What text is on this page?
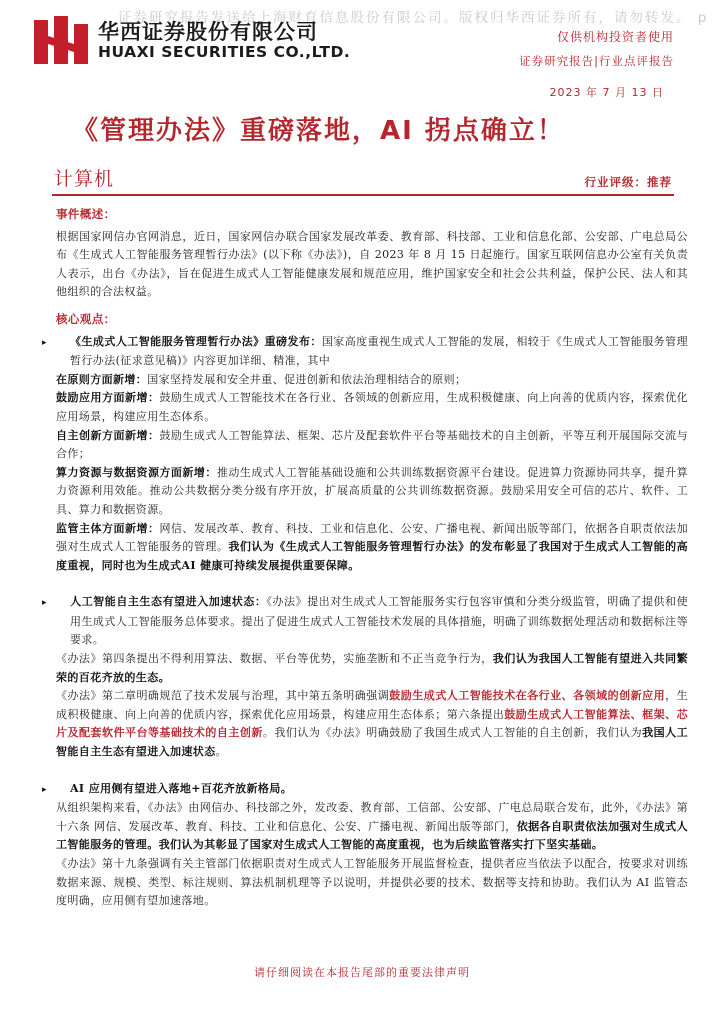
证券研究报告发送给上海财育信息股份有限公司。版权归华西证券所有，请勿转发。 p
华西证券股份有限公司
HUAXI SECURITIES CO.,LTD.
仅供机构投资者使用
证券研究报告|行业点评报告
2023 年 7 月 13 日
《管理办法》重磅落地，AI 拐点确立！
计算机	行业评级：推荐
事件概述：

根据国家网信办官网消息，近日，国家网信办联合国家发展改革委、教育部、科技部、工业和信息化部、公安部、广电总局公布《生成式人工智能服务管理暂行办法》(以下称《办法》)，自 2023 年 8 月 15 日起施行。国家互联网信息办公室有关负责人表示，出台《办法》，旨在促进生成式人工智能健康发展和规范应用，维护国家安全和社会公共利益，保护公民、法人和其他组织的合法权益。

核心观点：

▸ 《生成式人工智能服务管理暂行办法》重磅发布：国家高度重视生成式人工智能的发展，相较于《生成式人工智能服务管理暂行办法(征求意见稿)》内容更加详细、精准，其中

在原则方面新增：国家坚持发展和安全并重、促进创新和依法治理相结合的原则；

鼓励应用方面新增：鼓励生成式人工智能技术在各行业、各领域的创新应用，生成积极健康、向上向善的优质内容，探索优化应用场景，构建应用生态体系。

自主创新方面新增：鼓励生成式人工智能算法、框架、芯片及配套软件平台等基础技术的自主创新，平等互利开展国际交流与合作；

算力资源与数据资源方面新增：推动生成式人工智能基础设施和公共训练数据资源平台建设。促进算力资源协同共享，提升算力资源利用效能。推动公共数据分类分级有序开放，扩展高质量的公共训练数据资源。鼓励采用安全可信的芯片、软件、工具、算力和数据资源。

监管主体方面新增：网信、发展改革、教育、科技、工业和信息化、公安、广播电视、新闻出版等部门，依据各自职责依法加强对生成式人工智能服务的管理。我们认为《生成式人工智能服务管理暂行办法》的发布彰显了我国对于生成式人工智能的高度重视，同时也为生成式AI 健康可持续发展提供重要保障。

▸ 人工智能自主生态有望进入加速状态：《办法》提出对生成式人工智能服务实行包容审慎和分类分级监管，明确了提供和使用生成式人工智能服务总体要求。提出了促进生成式人工智能技术发展的具体措施，明确了训练数据处理活动和数据标注等要求。

《办法》第四条提出不得利用算法、数据、平台等优势，实施垄断和不正当竞争行为，我们认为我国人工智能有望进入共同繁荣的百花齐放的生态。

《办法》第二章明确规范了技术发展与治理，其中第五条明确强调鼓励生成式人工智能技术在各行业、各领域的创新应用，生成积极健康、向上向善的优质内容，探索优化应用场景，构建应用生态体系；第六条提出鼓励生成式人工智能算法、框架、芯片及配套软件平台等基础技术的自主创新。我们认为《办法》明确鼓励了我国生成式人工智能的自主创新，我们认为我国人工智能自主生态有望进入加速状态。

▸ AI 应用侧有望进入落地+百花齐放新格局。

从组织架构来看，《办法》由网信办、科技部之外，发改委、教育部、工信部、公安部、广电总局联合发布，此外，《办法》第十六条 网信、发展改革、教育、科技、工业和信息化、公安、广播电视、新闻出版等部门，依据各自职责依法加强对生成式人工智能服务的管理。我们认为其彰显了国家对生成式人工智能的高度重视，也为后续监管落实打下坚实基础。

《办法》第十九条强调有关主管部门依据职责对生成式人工智能服务开展监督检查，提供者应当依法予以配合，按要求对训练数据来源、规模、类型、标注规则、算法机制机理等予以说明，并提供必要的技术、数据等支持和协助。我们认为 AI 监管态度明确，应用侧有望加速落地。

请仔细阅读在本报告尾部的重要法律声明
